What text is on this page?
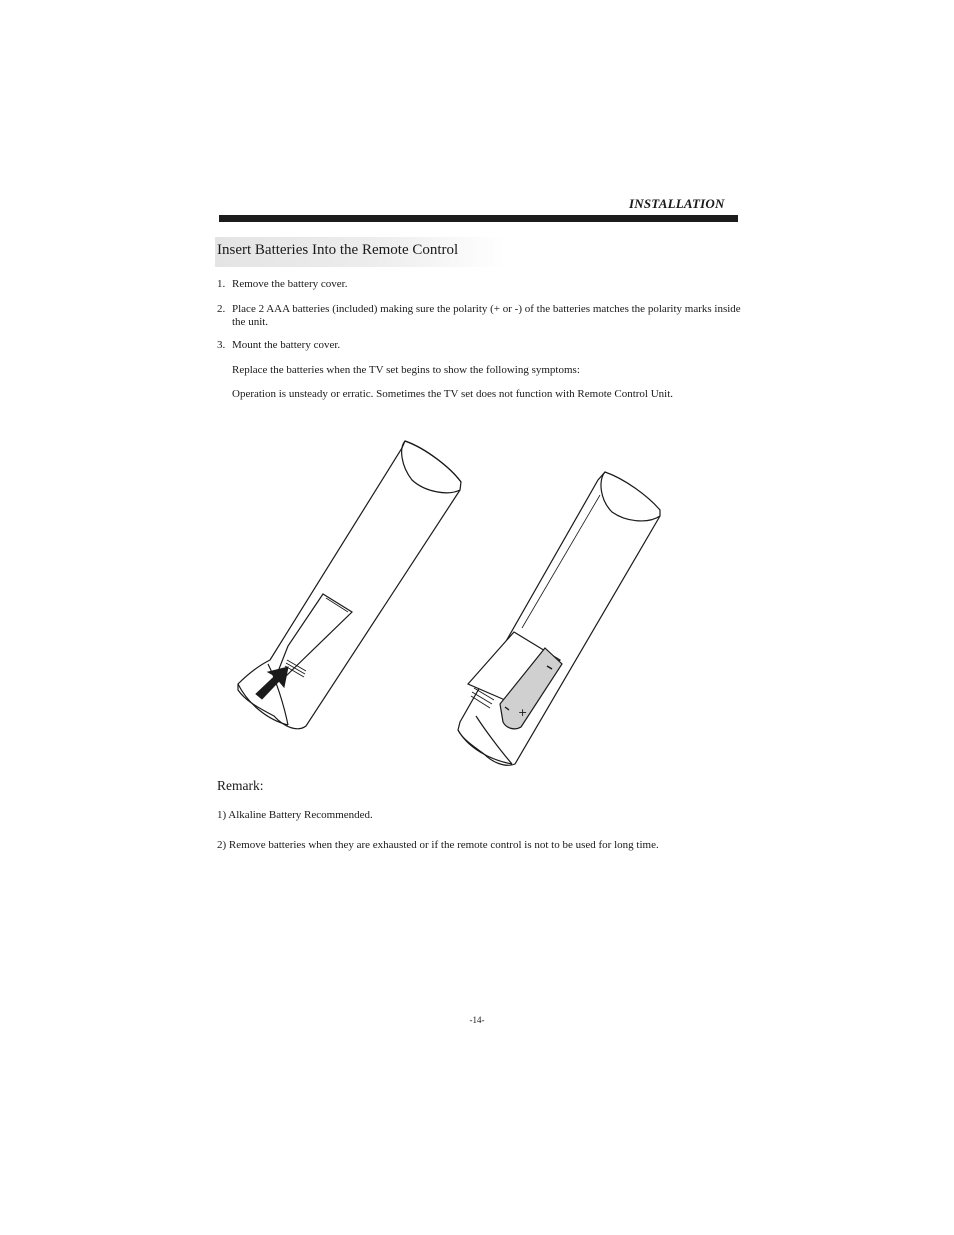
INSTALLATION
Insert Batteries Into the Remote Control
1. Remove the battery cover.
2. Place 2 AAA batteries (included) making sure the polarity (+ or -) of the batteries matches the polarity marks inside the unit.
3. Mount the battery cover.
Replace the batteries when the TV set begins to show the following symptoms:
Operation is unsteady or erratic. Sometimes the TV set does not function with Remote Control Unit.
+
Remark:
1) Alkaline Battery Recommended.
2) Remove batteries when they are exhausted or if the remote control is not to be used for long time.
-14-
